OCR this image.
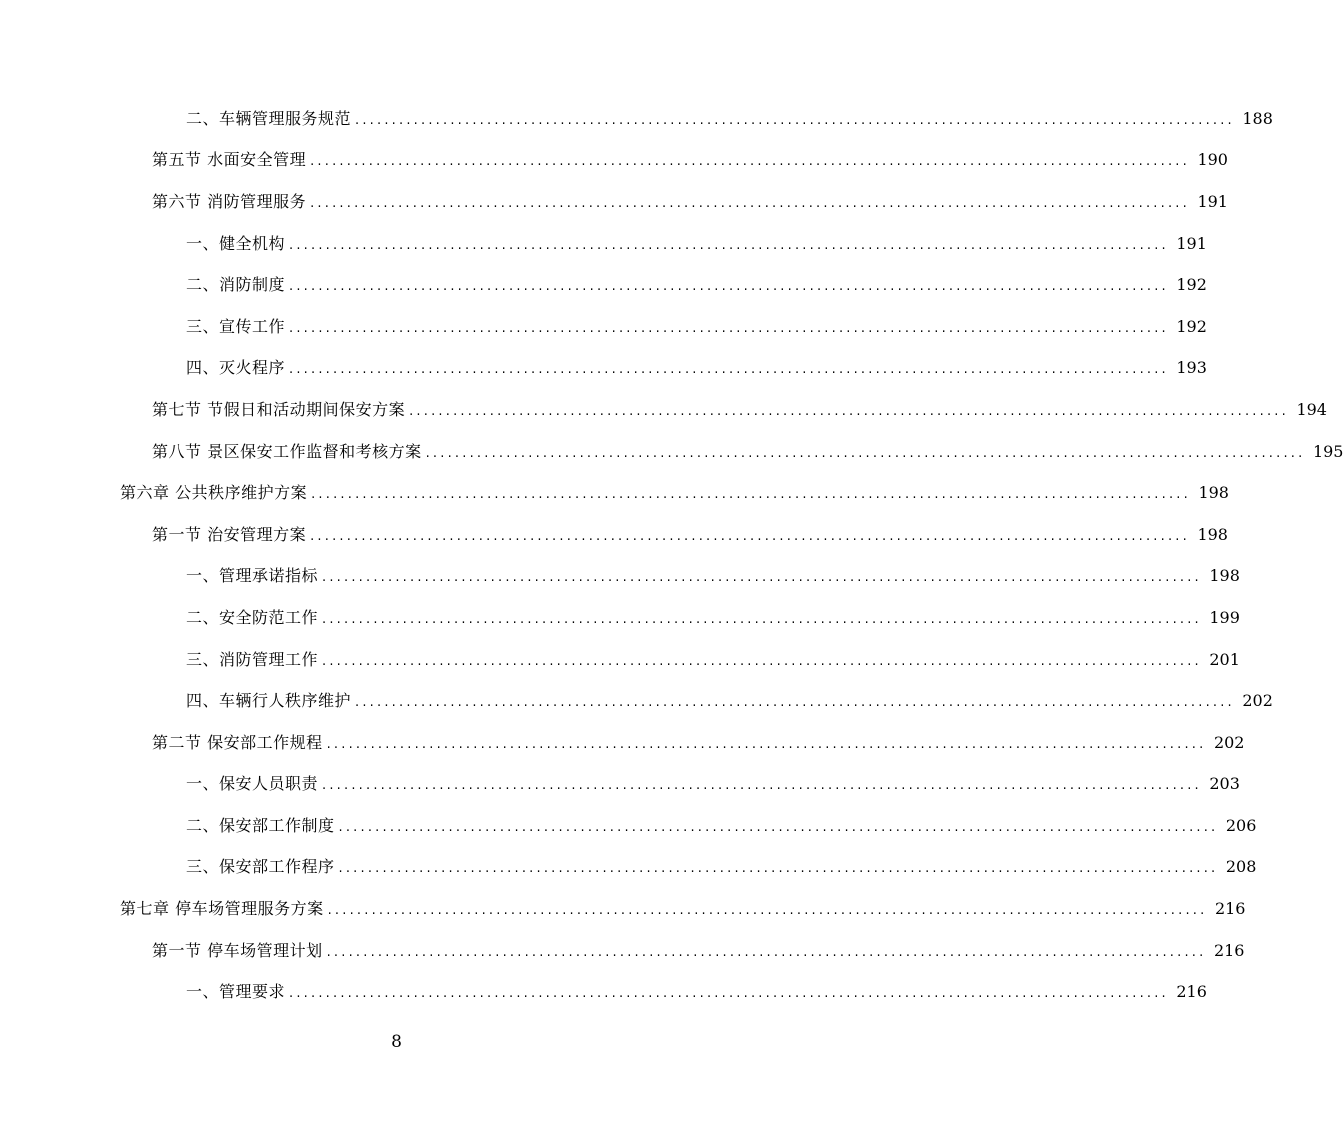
二、车辆管理服务规范 ........................................................................................................................ 188
第五节 水面安全管理 ........................................................................................................................ 190
第六节 消防管理服务 ........................................................................................................................ 191
一、健全机构 ........................................................................................................................ 191
二、消防制度 ........................................................................................................................ 192
三、宣传工作 ........................................................................................................................ 192
四、灭火程序 ........................................................................................................................ 193
第七节 节假日和活动期间保安方案 ........................................................................................................................ 194
第八节 景区保安工作监督和考核方案 ........................................................................................................................ 195
第六章 公共秩序维护方案 ........................................................................................................................ 198
第一节 治安管理方案 ........................................................................................................................ 198
一、管理承诺指标 ........................................................................................................................ 198
二、安全防范工作 ........................................................................................................................ 199
三、消防管理工作 ........................................................................................................................ 201
四、车辆行人秩序维护 ........................................................................................................................ 202
第二节 保安部工作规程 ........................................................................................................................ 202
一、保安人员职责 ........................................................................................................................ 203
二、保安部工作制度 ........................................................................................................................ 206
三、保安部工作程序 ........................................................................................................................ 208
第七章 停车场管理服务方案 ........................................................................................................................ 216
第一节 停车场管理计划 ........................................................................................................................ 216
一、管理要求 ........................................................................................................................ 216
8
